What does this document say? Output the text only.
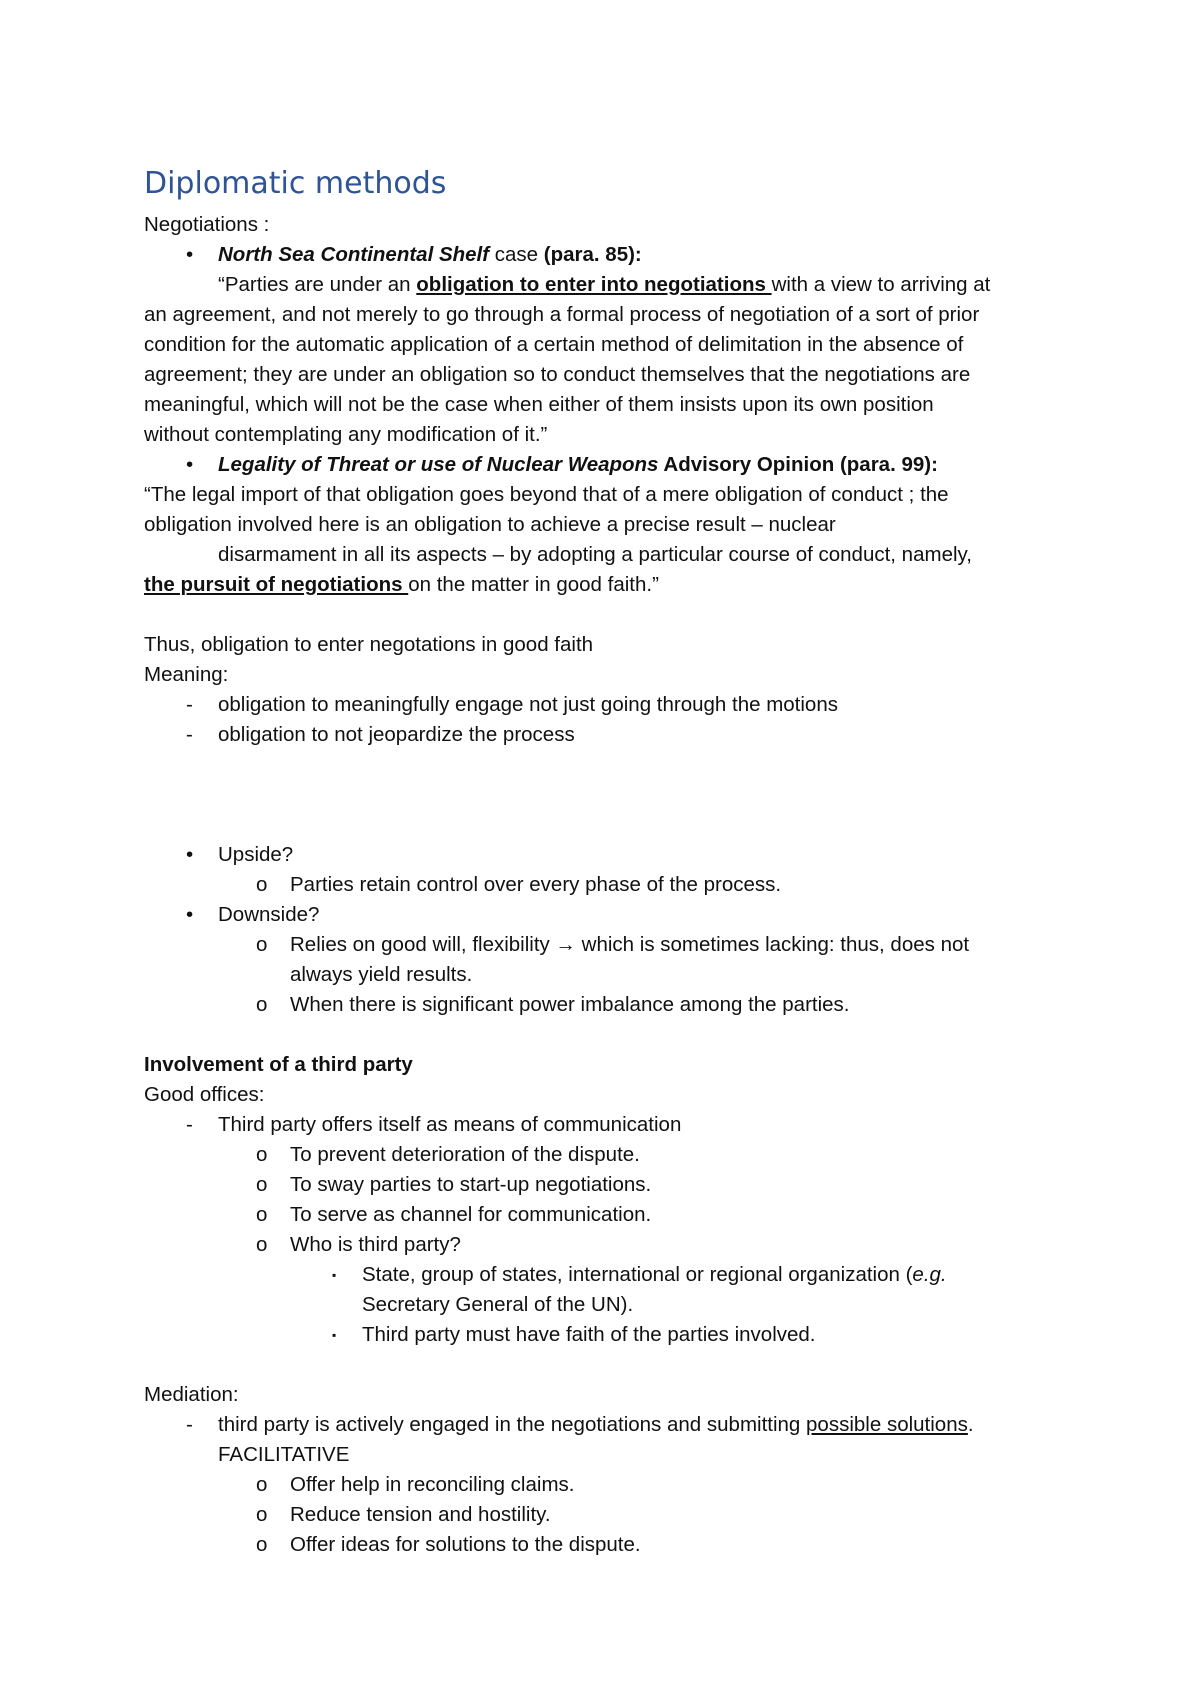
Diplomatic methods
Negotiations :
•	North Sea Continental Shelf case (para. 85):
“Parties are under an obligation to enter into negotiations with a view to arriving at
an agreement, and not merely to go through a formal process of negotiation of a sort of prior
condition for the automatic application of a certain method of delimitation in the absence of
agreement; they are under an obligation so to conduct themselves that the negotiations are
meaningful, which will not be the case when either of them insists upon its own position
without contemplating any modification of it.”
•	Legality of Threat or use of Nuclear Weapons Advisory Opinion (para. 99):
“The legal import of that obligation goes beyond that of a mere obligation of conduct ; the
obligation involved here is an obligation to achieve a precise result – nuclear
disarmament in all its aspects – by adopting a particular course of conduct, namely,
the pursuit of negotiations on the matter in good faith.”
Thus, obligation to enter negotations in good faith
Meaning:
-	obligation to meaningfully engage not just going through the motions
-	obligation to not jeopardize the process
•	Upside?
o	Parties retain control over every phase of the process.
•	Downside?
o	Relies on good will, flexibility → which is sometimes lacking: thus, does not
always yield results.
o	When there is significant power imbalance among the parties.
Involvement of a third party
Good offices:
-	Third party offers itself as means of communication
o	To prevent deterioration of the dispute.
o	To sway parties to start-up negotiations.
o	To serve as channel for communication.
o	Who is third party?
▪	State, group of states, international or regional organization (e.g.
Secretary General of the UN).
▪	Third party must have faith of the parties involved.
Mediation:
-	third party is actively engaged in the negotiations and submitting possible solutions.
FACILITATIVE
o	Offer help in reconciling claims.
o	Reduce tension and hostility.
o	Offer ideas for solutions to the dispute.
